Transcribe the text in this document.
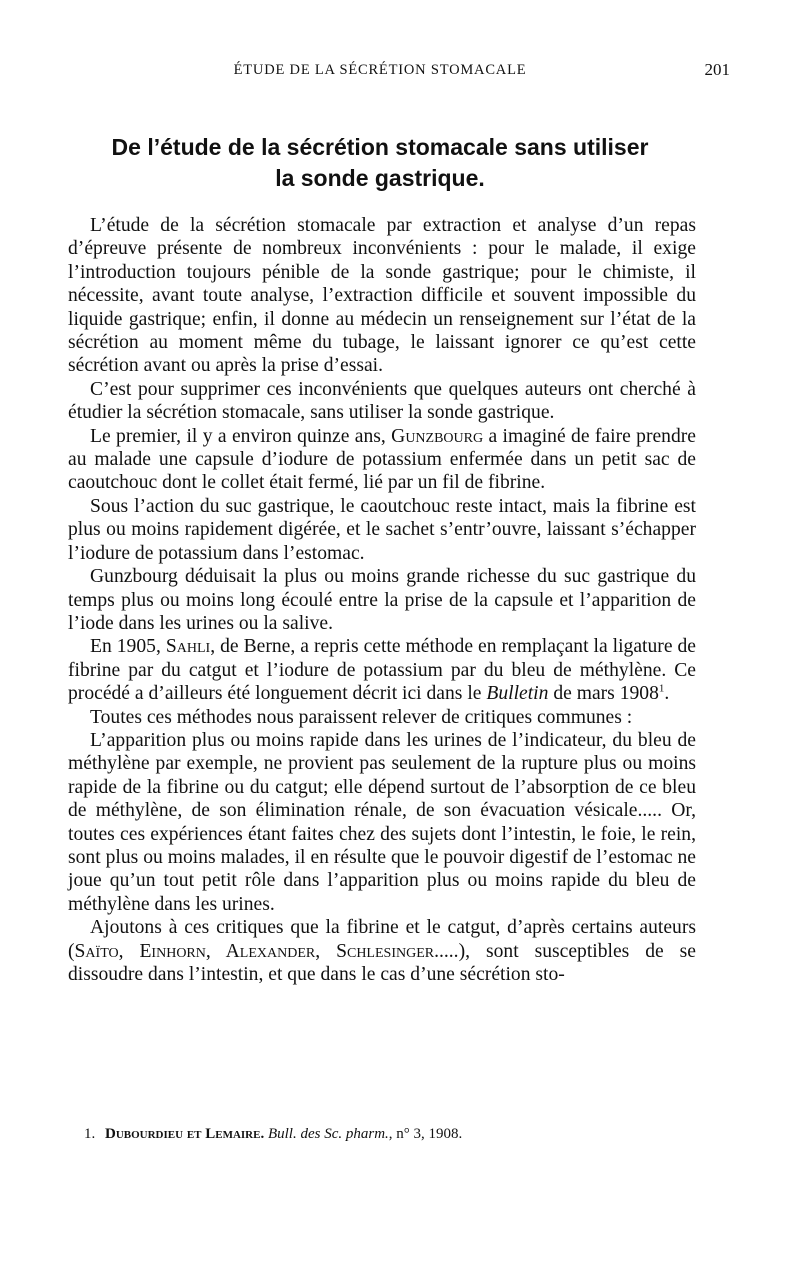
ÉTUDE DE LA SÉCRÉTION STOMACALE	201
De l’étude de la sécrétion stomacale sans utiliser
la sonde gastrique.

L’étude de la sécrétion stomacale par extraction et analyse d’un repas d’épreuve présente de nombreux inconvénients : pour le malade, il exige l’introduction toujours pénible de la sonde gastrique; pour le chimiste, il nécessite, avant toute analyse, l’extraction difficile et souvent impossible du liquide gastrique; enfin, il donne au médecin un renseignement sur l’état de la sécrétion au moment même du tubage, le laissant ignorer ce qu’est cette sécrétion avant ou après la prise d’essai.

C’est pour supprimer ces inconvénients que quelques auteurs ont cherché à étudier la sécrétion stomacale, sans utiliser la sonde gastrique.

Le premier, il y a environ quinze ans, Gunzbourg a imaginé de faire prendre au malade une capsule d’iodure de potassium enfermée dans un petit sac de caoutchouc dont le collet était fermé, lié par un fil de fibrine.

Sous l’action du suc gastrique, le caoutchouc reste intact, mais la fibrine est plus ou moins rapidement digérée, et le sachet s’entr’ouvre, laissant s’échapper l’iodure de potassium dans l’estomac.

Gunzbourg déduisait la plus ou moins grande richesse du suc gastrique du temps plus ou moins long écoulé entre la prise de la capsule et l’apparition de l’iode dans les urines ou la salive.

En 1905, Sahli, de Berne, a repris cette méthode en remplaçant la ligature de fibrine par du catgut et l’iodure de potassium par du bleu de méthylène. Ce procédé a d’ailleurs été longuement décrit ici dans le Bulletin de mars 1908$^1$.

Toutes ces méthodes nous paraissent relever de critiques communes :

L’apparition plus ou moins rapide dans les urines de l’indicateur, du bleu de méthylène par exemple, ne provient pas seulement de la rupture plus ou moins rapide de la fibrine ou du catgut; elle dépend surtout de l’absorption de ce bleu de méthylène, de son élimination rénale, de son évacuation vésicale..... Or, toutes ces expériences étant faites chez des sujets dont l’intestin, le foie, le rein, sont plus ou moins malades, il en résulte que le pouvoir digestif de l’estomac ne joue qu’un tout petit rôle dans l’apparition plus ou moins rapide du bleu de méthylène dans les urines.

Ajoutons à ces critiques que la fibrine et le catgut, d’après certains auteurs (Saïto, Einhorn, Alexander, Schlesinger.....), sont susceptibles de se dissoudre dans l’intestin, et que dans le cas d’une sécrétion sto-

1. Dubourdieu et Lemaire. Bull. des Sc. pharm., n° 3, 1908.
